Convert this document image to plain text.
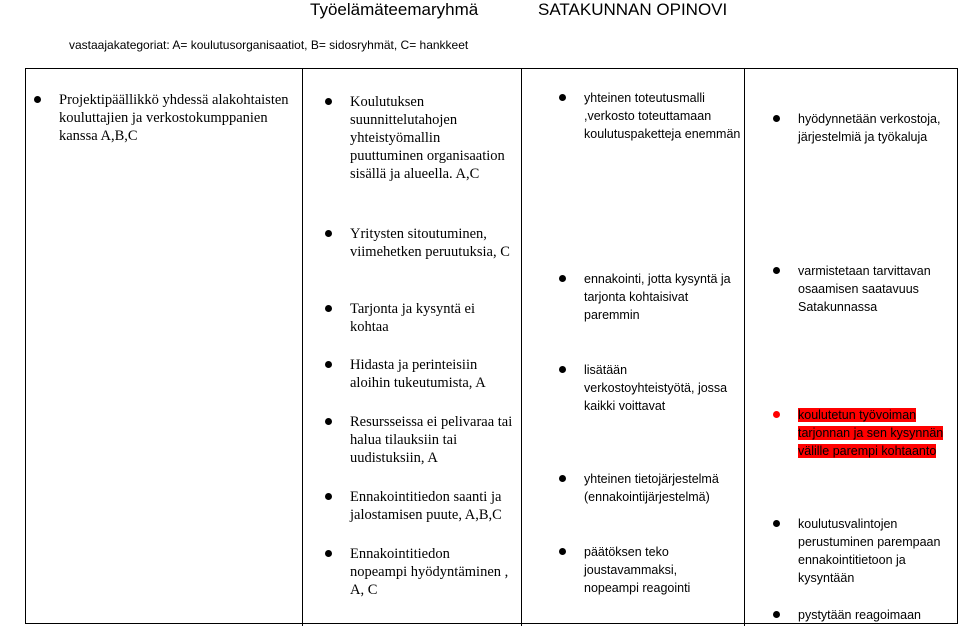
Työelämäteemaryhmä	SATAKUNNAN OPINOVI
vastaajakategoriat: A= koulutusorganisaatiot, B= sidosryhmät, C= hankkeet
Projektipäällikkö yhdessä alakohtaisten kouluttajien ja verkostokumppanien kanssa A,B,C
Koulutuksen suunnittelutahojen yhteistyömallin puuttuminen organisaation sisällä ja alueella. A,C
Yritysten sitoutuminen, viimehetken peruutuksia, C
Tarjonta ja kysyntä ei kohtaa
Hidasta ja perinteisiin aloihin tukeutumista, A
Resursseissa ei pelivaraa tai halua tilauksiin tai uudistuksiin, A
Ennakointitiedon saanti ja jalostamisen puute, A,B,C
Ennakointitiedon nopeampi hyödyntäminen , A, C
yhteinen toteutusmalli ,verkosto toteuttamaan koulutuspaketteja enemmän
ennakointi, jotta kysyntä ja tarjonta kohtaisivat paremmin
lisätään verkostoyhteistyötä, jossa kaikki voittavat
yhteinen tietojärjestelmä (ennakointijärjestelmä)
päätöksen teko joustavammaksi, nopeampi reagointi
hyödynnetään verkostoja, järjestelmiä ja työkaluja
varmistetaan tarvittavan osaamisen saatavuus Satakunnassa
koulutetun työvoiman tarjonnan ja sen kysynnän välille parempi kohtaanto
koulutusvalintojen perustuminen parempaan ennakointitietoon ja kysyntään
pystytään reagoimaan
